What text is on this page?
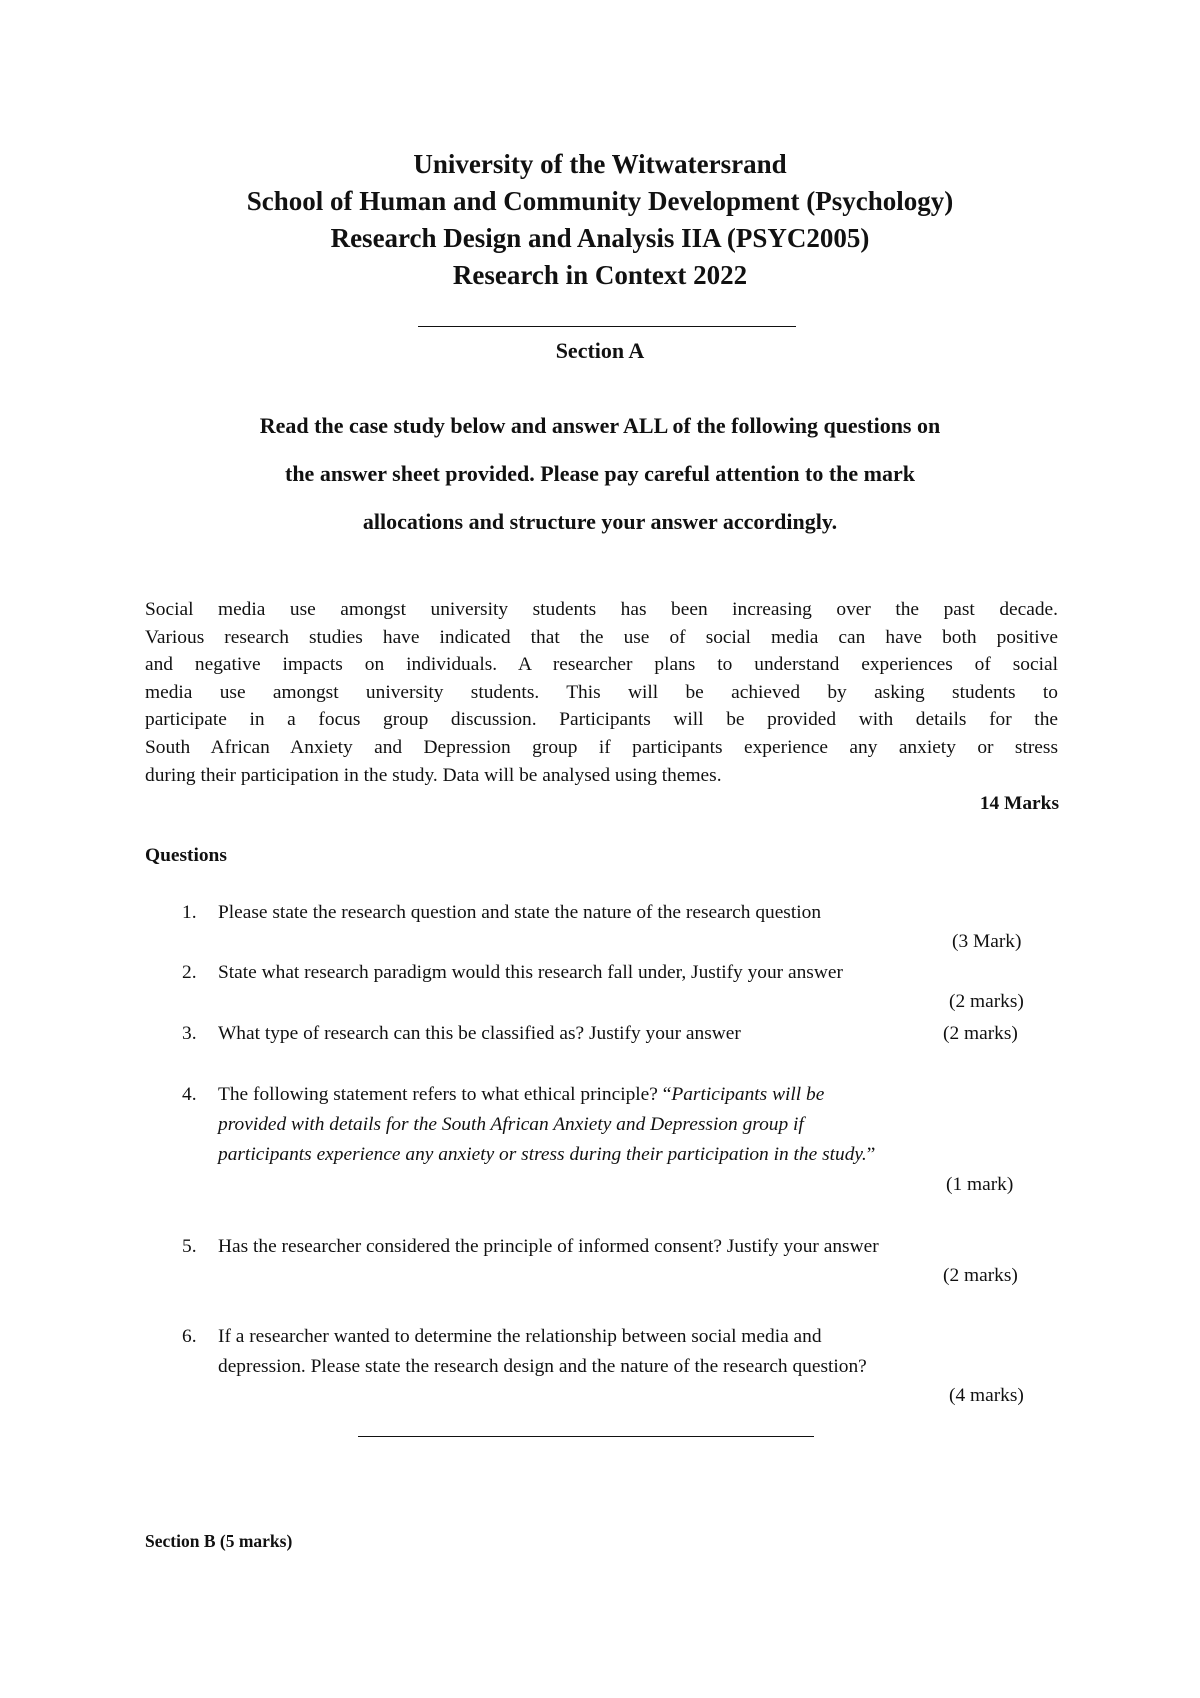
University of the Witwatersrand
School of Human and Community Development (Psychology)
Research Design and Analysis IIA (PSYC2005)
Research in Context 2022
Section A
Read the case study below and answer ALL of the following questions on
the answer sheet provided. Please pay careful attention to the mark
allocations and structure your answer accordingly.
Social media use amongst university students has been increasing over the past decade.
Various research studies have indicated that the use of social media can have both positive
and negative impacts on individuals. A researcher plans to understand experiences of social
media use amongst university students. This will be achieved by asking students to
participate in a focus group discussion. Participants will be provided with details for the
South African Anxiety and Depression group if participants experience any anxiety or stress
during their participation in the study. Data will be analysed using themes.
14 Marks
Questions
1.	Please state the research question and state the nature of the research question
(3 Mark)
2.	State what research paradigm would this research fall under, Justify your answer
(2 marks)
3.	What type of research can this be classified as? Justify your answer	(2 marks)
4.	The following statement refers to what ethical principle? “Participants will be
provided with details for the South African Anxiety and Depression group if
participants experience any anxiety or stress during their participation in the study.”
(1 mark)
5.	Has the researcher considered the principle of informed consent? Justify your answer
(2 marks)
6.	If a researcher wanted to determine the relationship between social media and
depression. Please state the research design and the nature of the research question?
(4 marks)
Section B (5 marks)
